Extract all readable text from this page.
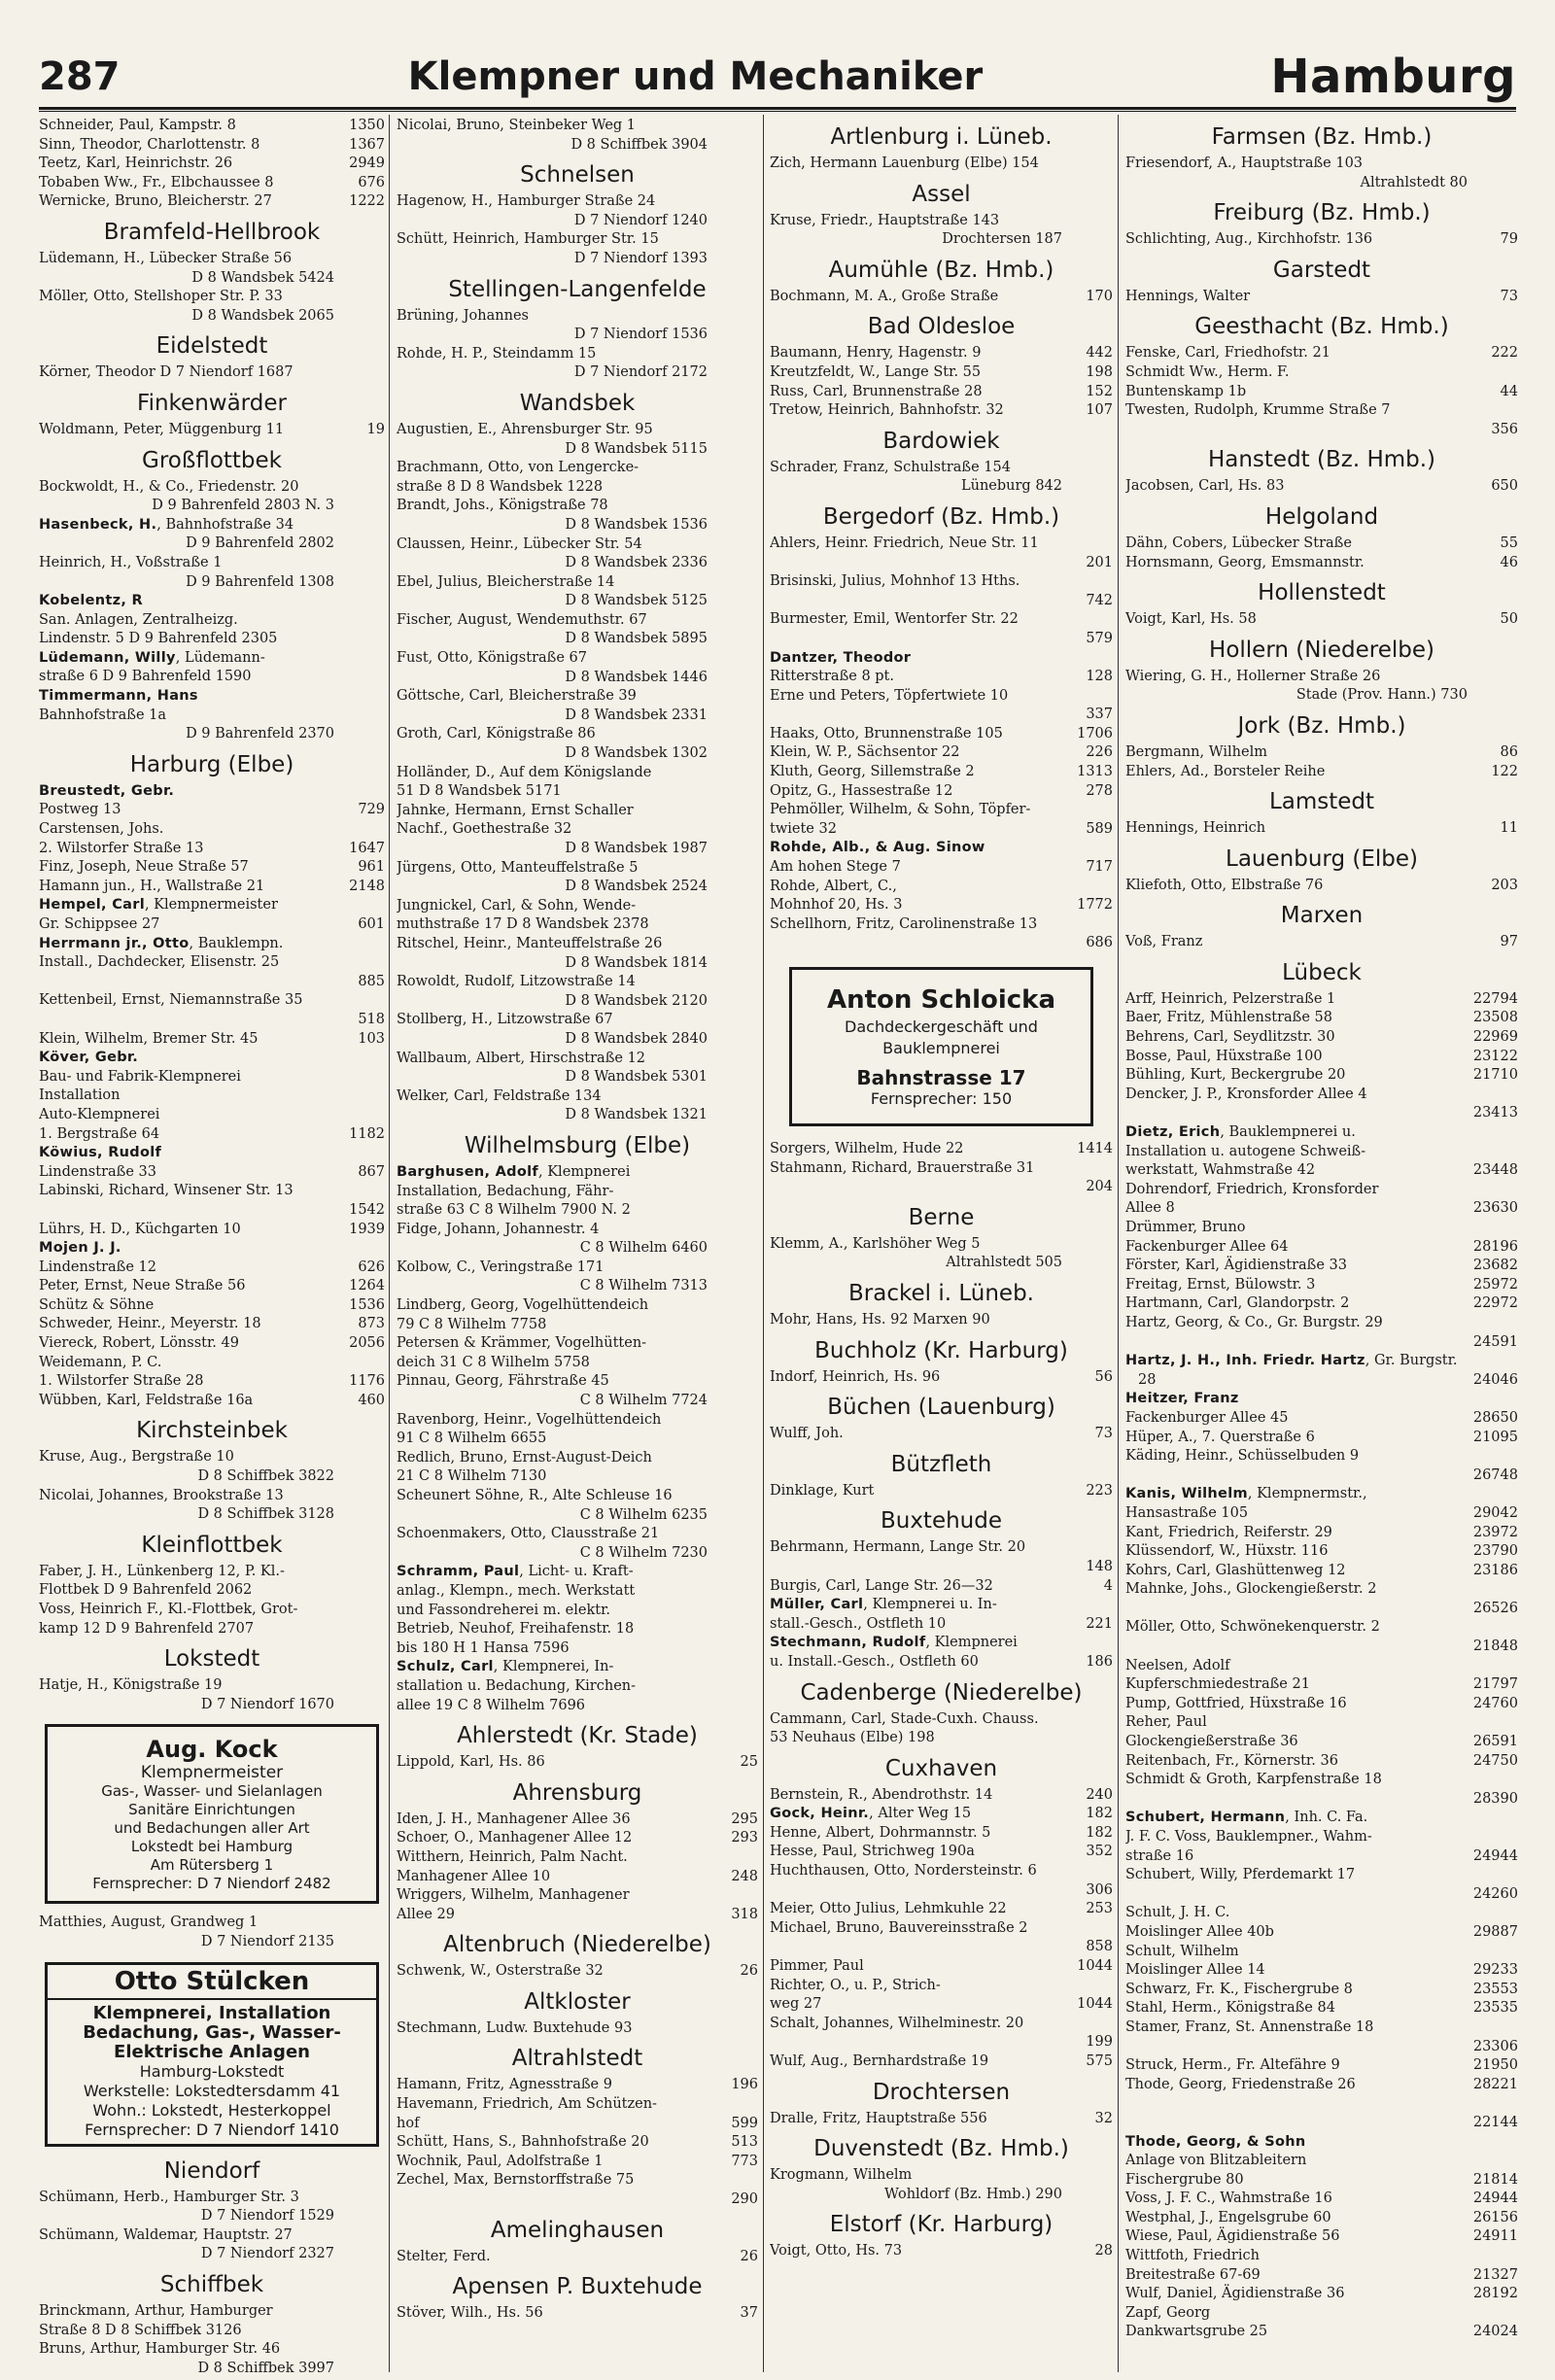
287	Klempner und Mechaniker	Hamburg
Schneider, Paul, Kampstr. 8	1350
Sinn, Theodor, Charlottenstr. 8	1367
Teetz, Karl, Heinrichstr. 26	2949
Tobaben Ww., Fr., Elbchaussee 8	676
Wernicke, Bruno, Bleicherstr. 27	1222
Bramfeld-Hellbrook
Lüdemann, H., Lübecker Straße 56
D 8 Wandsbek 5424
Möller, Otto, Stellshoper Str. P. 33
D 8 Wandsbek 2065
Eidelstedt
Körner, Theodor D 7 Niendorf 1687
Finkenwärder
Woldmann, Peter, Müggenburg 11	19
Großflottbek
Bockwoldt, H., & Co., Friedenstr. 20
D 9 Bahrenfeld 2803 N. 3
Hasenbeck, H., Bahnhofstraße 34
D 9 Bahrenfeld 2802
Heinrich, H., Voßstraße 1
D 9 Bahrenfeld 1308
Kobelentz, R
San. Anlagen, Zentralheizg.
Lindenstr. 5 D 9 Bahrenfeld 2305
Lüdemann, Willy, Lüdemann-
straße 6 D 9 Bahrenfeld 1590
Timmermann, Hans
Bahnhofstraße 1a
D 9 Bahrenfeld 2370
Harburg (Elbe)
Breustedt, Gebr.
Postweg 13	729
Carstensen, Johs.
2. Wilstorfer Straße 13	1647
Finz, Joseph, Neue Straße 57	961
Hamann jun., H., Wallstraße 21	2148
Hempel, Carl, Klempnermeister
Gr. Schippsee 27	601
Herrmann jr., Otto, Bauklempn.
Install., Dachdecker, Elisenstr. 25
885
Kettenbeil, Ernst, Niemannstraße 35
518
Klein, Wilhelm, Bremer Str. 45	103
Köver, Gebr.
Bau- und Fabrik-Klempnerei
Installation
Auto-Klempnerei
1. Bergstraße 64	1182
Köwius, Rudolf
Lindenstraße 33	867
Labinski, Richard, Winsener Str. 13
1542
Lührs, H. D., Küchgarten 10	1939
Mojen J. J.
Lindenstraße 12	626
Peter, Ernst, Neue Straße 56	1264
Schütz & Söhne	1536
Schweder, Heinr., Meyerstr. 18	873
Viereck, Robert, Lönsstr. 49	2056
Weidemann, P. C.
1. Wilstorfer Straße 28	1176
Wübben, Karl, Feldstraße 16a	460
Kirchsteinbek
Kruse, Aug., Bergstraße 10
D 8 Schiffbek 3822
Nicolai, Johannes, Brookstraße 13
D 8 Schiffbek 3128
Kleinflottbek
Faber, J. H., Lünkenberg 12, P. Kl.-
Flottbek D 9 Bahrenfeld 2062
Voss, Heinrich F., Kl.-Flottbek, Grot-
kamp 12 D 9 Bahrenfeld 2707
Lokstedt
Hatje, H., Königstraße 19
D 7 Niendorf 1670
Aug. Kock
Klempnermeister
Gas-, Wasser- und Sielanlagen
Sanitäre Einrichtungen
und Bedachungen aller Art
Lokstedt bei Hamburg
Am Rütersberg 1
Fernsprecher: D 7 Niendorf 2482
Matthies, August, Grandweg 1
D 7 Niendorf 2135
Otto Stülcken
Klempnerei, Installation
Bedachung, Gas-, Wasser-
Elektrische Anlagen
Hamburg-Lokstedt
Werkstelle: Lokstedtersdamm 41
Wohn.: Lokstedt, Hesterkoppel
Fernsprecher: D 7 Niendorf 1410
Niendorf
Schümann, Herb., Hamburger Str. 3
D 7 Niendorf 1529
Schümann, Waldemar, Hauptstr. 27
D 7 Niendorf 2327
Schiffbek
Brinckmann, Arthur, Hamburger
Straße 8 D 8 Schiffbek 3126
Bruns, Arthur, Hamburger Str. 46
D 8 Schiffbek 3997
Nicolai, Bruno, Steinbeker Weg 1
D 8 Schiffbek 3904
Schnelsen
Hagenow, H., Hamburger Straße 24
D 7 Niendorf 1240
Schütt, Heinrich, Hamburger Str. 15
D 7 Niendorf 1393
Stellingen-Langenfelde
Brüning, Johannes
D 7 Niendorf 1536
Rohde, H. P., Steindamm 15
D 7 Niendorf 2172
Wandsbek
Augustien, E., Ahrensburger Str. 95
D 8 Wandsbek 5115
Brachmann, Otto, von Lengercke-
straße 8 D 8 Wandsbek 1228
Brandt, Johs., Königstraße 78
D 8 Wandsbek 1536
Claussen, Heinr., Lübecker Str. 54
D 8 Wandsbek 2336
Ebel, Julius, Bleicherstraße 14
D 8 Wandsbek 5125
Fischer, August, Wendemuthstr. 67
D 8 Wandsbek 5895
Fust, Otto, Königstraße 67
D 8 Wandsbek 1446
Göttsche, Carl, Bleicherstraße 39
D 8 Wandsbek 2331
Groth, Carl, Königstraße 86
D 8 Wandsbek 1302
Holländer, D., Auf dem Königslande
51 D 8 Wandsbek 5171
Jahnke, Hermann, Ernst Schaller
Nachf., Goethestraße 32
D 8 Wandsbek 1987
Jürgens, Otto, Manteuffelstraße 5
D 8 Wandsbek 2524
Jungnickel, Carl, & Sohn, Wende-
muthstraße 17 D 8 Wandsbek 2378
Ritschel, Heinr., Manteuffelstraße 26
D 8 Wandsbek 1814
Rowoldt, Rudolf, Litzowstraße 14
D 8 Wandsbek 2120
Stollberg, H., Litzowstraße 67
D 8 Wandsbek 2840
Wallbaum, Albert, Hirschstraße 12
D 8 Wandsbek 5301
Welker, Carl, Feldstraße 134
D 8 Wandsbek 1321
Wilhelmsburg (Elbe)
Barghusen, Adolf, Klempnerei
Installation, Bedachung, Fähr-
straße 63 C 8 Wilhelm 7900 N. 2
Fidge, Johann, Johannestr. 4
C 8 Wilhelm 6460
Kolbow, C., Veringstraße 171
C 8 Wilhelm 7313
Lindberg, Georg, Vogelhüttendeich
79 C 8 Wilhelm 7758
Petersen & Krämmer, Vogelhütten-
deich 31 C 8 Wilhelm 5758
Pinnau, Georg, Fährstraße 45
C 8 Wilhelm 7724
Ravenborg, Heinr., Vogelhüttendeich
91 C 8 Wilhelm 6655
Redlich, Bruno, Ernst-August-Deich
21 C 8 Wilhelm 7130
Scheunert Söhne, R., Alte Schleuse 16
C 8 Wilhelm 6235
Schoenmakers, Otto, Clausstraße 21
C 8 Wilhelm 7230
Schramm, Paul, Licht- u. Kraft-
anlag., Klempn., mech. Werkstatt
und Fassondreherei m. elektr.
Betrieb, Neuhof, Freihafenstr. 18
bis 180 H 1 Hansa 7596
Schulz, Carl, Klempnerei, In-
stallation u. Bedachung, Kirchen-
allee 19 C 8 Wilhelm 7696
Ahlerstedt (Kr. Stade)
Lippold, Karl, Hs. 86	25
Ahrensburg
Iden, J. H., Manhagener Allee 36	295
Schoer, O., Manhagener Allee 12	293
Witthern, Heinrich, Palm Nacht.
Manhagener Allee 10	248
Wriggers, Wilhelm, Manhagener
Allee 29	318
Altenbruch (Niederelbe)
Schwenk, W., Osterstraße 32	26
Altkloster
Stechmann, Ludw. Buxtehude 93
Altrahlstedt
Hamann, Fritz, Agnesstraße 9	196
Havemann, Friedrich, Am Schützen-
hof	599
Schütt, Hans, S., Bahnhofstraße 20	513
Wochnik, Paul, Adolfstraße 1	773
Zechel, Max, Bernstorffstraße 75
290
Amelinghausen
Stelter, Ferd.	26
Apensen P. Buxtehude
Stöver, Wilh., Hs. 56	37
Artlenburg i. Lüneb.
Zich, Hermann Lauenburg (Elbe) 154
Assel
Kruse, Friedr., Hauptstraße 143
Drochtersen 187
Aumühle (Bz. Hmb.)
Bochmann, M. A., Große Straße	170
Bad Oldesloe
Baumann, Henry, Hagenstr. 9	442
Kreutzfeldt, W., Lange Str. 55	198
Russ, Carl, Brunnenstraße 28	152
Tretow, Heinrich, Bahnhofstr. 32	107
Bardowiek
Schrader, Franz, Schulstraße 154
Lüneburg 842
Bergedorf (Bz. Hmb.)
Ahlers, Heinr. Friedrich, Neue Str. 11
201
Brisinski, Julius, Mohnhof 13 Hths.
742
Burmester, Emil, Wentorfer Str. 22
579
Dantzer, Theodor
Ritterstraße 8 pt.	128
Erne und Peters, Töpfertwiete 10
337
Haaks, Otto, Brunnenstraße 105	1706
Klein, W. P., Sächsentor 22	226
Kluth, Georg, Sillemstraße 2	1313
Opitz, G., Hassestraße 12	278
Pehmöller, Wilhelm, & Sohn, Töpfer-
twiete 32	589
Rohde, Alb., & Aug. Sinow
Am hohen Stege 7	717
Rohde, Albert, C.,
Mohnhof 20, Hs. 3	1772
Schellhorn, Fritz, Carolinenstraße 13
686
Anton Schloicka
Dachdeckergeschäft und
Bauklempnerei
Bahnstrasse 17
Fernsprecher: 150
Sorgers, Wilhelm, Hude 22	1414
Stahmann, Richard, Brauerstraße 31
204
Berne
Klemm, A., Karlshöher Weg 5
Altrahlstedt 505
Brackel i. Lüneb.
Mohr, Hans, Hs. 92 Marxen 90
Buchholz (Kr. Harburg)
Indorf, Heinrich, Hs. 96	56
Büchen (Lauenburg)
Wulff, Joh.	73
Bützfleth
Dinklage, Kurt	223
Buxtehude
Behrmann, Hermann, Lange Str. 20
148
Burgis, Carl, Lange Str. 26—32	4
Müller, Carl, Klempnerei u. In-
stall.-Gesch., Ostfleth 10	221
Stechmann, Rudolf, Klempnerei
u. Install.-Gesch., Ostfleth 60	186
Cadenberge (Niederelbe)
Cammann, Carl, Stade-Cuxh. Chauss.
53 Neuhaus (Elbe) 198
Cuxhaven
Bernstein, R., Abendrothstr. 14	240
Gock, Heinr., Alter Weg 15	182
Henne, Albert, Dohrmannstr. 5	182
Hesse, Paul, Strichweg 190a	352
Huchthausen, Otto, Nordersteinstr. 6
306
Meier, Otto Julius, Lehmkuhle 22	253
Michael, Bruno, Bauvereinsstraße 2
858
Pimmer, Paul	1044
Richter, O., u. P., Strich-
weg 27	1044
Schalt, Johannes, Wilhelminestr. 20
199
Wulf, Aug., Bernhardstraße 19	575
Drochtersen
Dralle, Fritz, Hauptstraße 556	32
Duvenstedt (Bz. Hmb.)
Krogmann, Wilhelm
Wohldorf (Bz. Hmb.) 290
Elstorf (Kr. Harburg)
Voigt, Otto, Hs. 73	28
Farmsen (Bz. Hmb.)
Friesendorf, A., Hauptstraße 103
Altrahlstedt 80
Freiburg (Bz. Hmb.)
Schlichting, Aug., Kirchhofstr. 136	79
Garstedt
Hennings, Walter	73
Geesthacht (Bz. Hmb.)
Fenske, Carl, Friedhofstr. 21	222
Schmidt Ww., Herm. F.
Buntenskamp 1b	44
Twesten, Rudolph, Krumme Straße 7
356
Hanstedt (Bz. Hmb.)
Jacobsen, Carl, Hs. 83	650
Helgoland
Dähn, Cobers, Lübecker Straße	55
Hornsmann, Georg, Emsmannstr.	46
Hollenstedt
Voigt, Karl, Hs. 58	50
Hollern (Niederelbe)
Wiering, G. H., Hollerner Straße 26
Stade (Prov. Hann.) 730
Jork (Bz. Hmb.)
Bergmann, Wilhelm	86
Ehlers, Ad., Borsteler Reihe	122
Lamstedt
Hennings, Heinrich	11
Lauenburg (Elbe)
Kliefoth, Otto, Elbstraße 76	203
Marxen
Voß, Franz	97
Lübeck
Arff, Heinrich, Pelzerstraße 1	22794
Baer, Fritz, Mühlenstraße 58	23508
Behrens, Carl, Seydlitzstr. 30	22969
Bosse, Paul, Hüxstraße 100	23122
Bühling, Kurt, Beckergrube 20	21710
Dencker, J. P., Kronsforder Allee 4
23413
Dietz, Erich, Bauklempnerei u.
Installation u. autogene Schweiß-
werkstatt, Wahmstraße 42	23448
Dohrendorf, Friedrich, Kronsforder
Allee 8	23630
Drümmer, Bruno
Fackenburger Allee 64	28196
Förster, Karl, Ägidienstraße 33	23682
Freitag, Ernst, Bülowstr. 3	25972
Hartmann, Carl, Glandorpstr. 2	22972
Hartz, Georg, & Co., Gr. Burgstr. 29
24591
Hartz, J. H., Inh. Friedr. Hartz, Gr. Burgstr. 28	24046
Heitzer, Franz
Fackenburger Allee 45	28650
Hüper, A., 7. Querstraße 6	21095
Käding, Heinr., Schüsselbuden 9
26748
Kanis, Wilhelm, Klempnermstr.,
Hansastraße 105	29042
Kant, Friedrich, Reiferstr. 29	23972
Klüssendorf, W., Hüxstr. 116	23790
Kohrs, Carl, Glashüttenweg 12	23186
Mahnke, Johs., Glockengießerstr. 2
26526
Möller, Otto, Schwönekenquerstr. 2
21848
Neelsen, Adolf
Kupferschmiedestraße 21	21797
Pump, Gottfried, Hüxstraße 16	24760
Reher, Paul
Glockengießerstraße 36	26591
Reitenbach, Fr., Körnerstr. 36	24750
Schmidt & Groth, Karpfenstraße 18
28390
Schubert, Hermann, Inh. C. Fa.
J. F. C. Voss, Bauklempner., Wahm-
straße 16	24944
Schubert, Willy, Pferdemarkt 17
24260
Schult, J. H. C.
Moislinger Allee 40b	29887
Schult, Wilhelm
Moislinger Allee 14	29233
Schwarz, Fr. K., Fischergrube 8	23553
Stahl, Herm., Königstraße 84	23535
Stamer, Franz, St. Annenstraße 18
23306
Struck, Herm., Fr. Altefähre 9	21950
Thode, Georg, Friedenstraße 26	28221
22144
Thode, Georg, & Sohn
Anlage von Blitzableitern
Fischergrube 80	21814
Voss, J. F. C., Wahmstraße 16	24944
Westphal, J., Engelsgrube 60	26156
Wiese, Paul, Ägidienstraße 56	24911
Wittfoth, Friedrich
Breitestraße 67-69	21327
Wulf, Daniel, Ägidienstraße 36	28192
Zapf, Georg
Dankwartsgrube 25	24024
